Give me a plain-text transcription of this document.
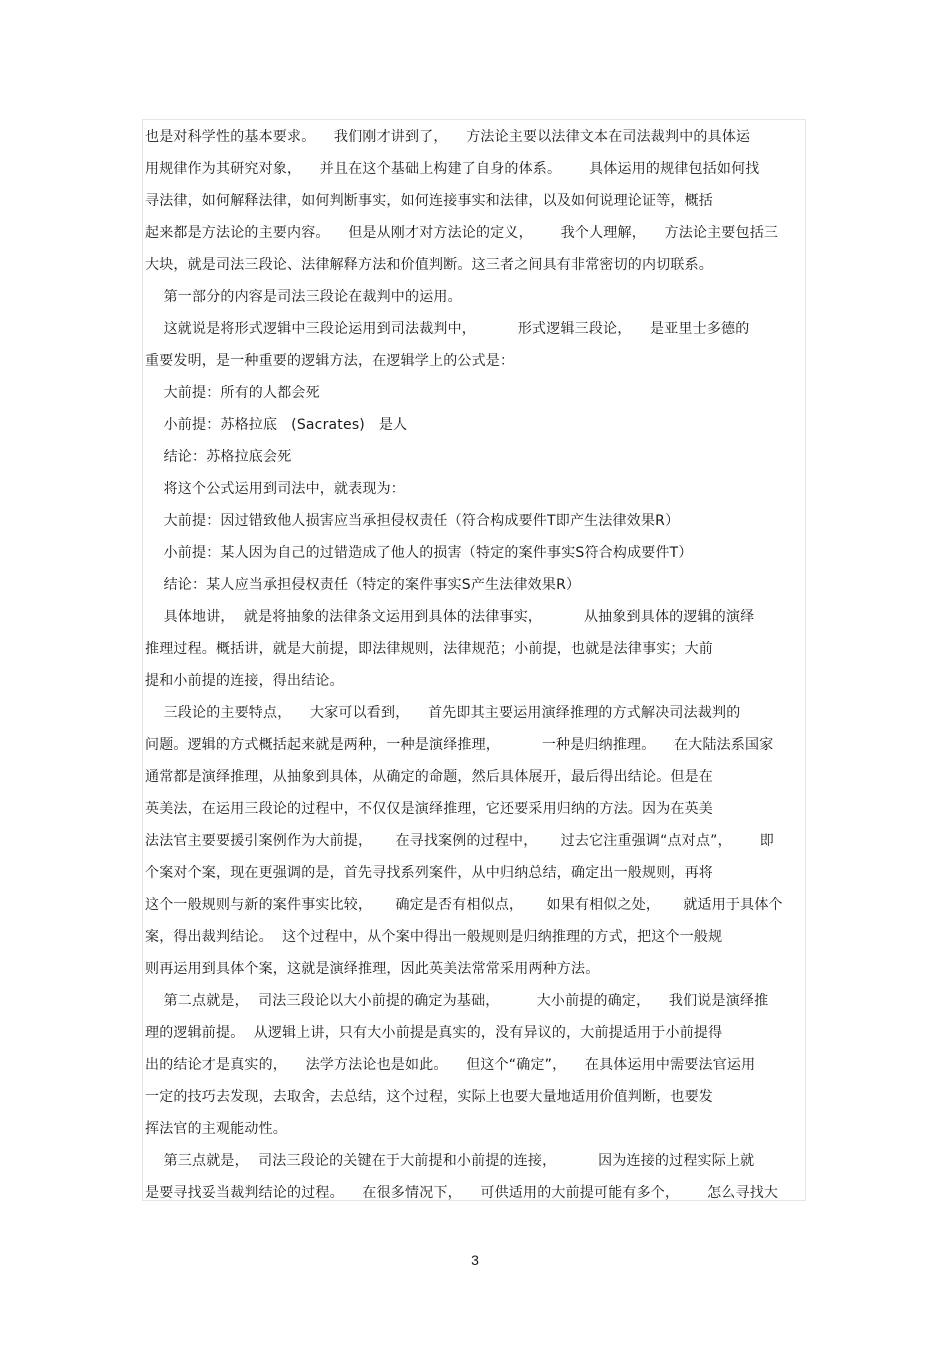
也是对科学性的基本要求。    我们刚才讲到了，    方法论主要以法律文本在司法裁判中的具体运
用规律作为其研究对象，    并且在这个基础上构建了自身的体系。      具体运用的规律包括如何找
寻法律，如何解释法律，如何判断事实，如何连接事实和法律，以及如何说理论证等，概括
起来都是方法论的主要内容。    但是从刚才对方法论的定义，      我个人理解，    方法论主要包括三
大块，就是司法三段论、法律解释方法和价值判断。这三者之间具有非常密切的内切联系。
第一部分的内容是司法三段论在裁判中的运用。
这就说是将形式逻辑中三段论运用到司法裁判中，         形式逻辑三段论，    是亚里士多德的
重要发明，是一种重要的逻辑方法，在逻辑学上的公式是：
大前提：所有的人都会死
小前提：苏格拉底   (Sacrates)   是人
结论：苏格拉底会死
将这个公式运用到司法中，就表现为：
大前提：因过错致他人损害应当承担侵权责任（符合构成要件T即产生法律效果R）
小前提：某人因为自己的过错造成了他人的损害（特定的案件事实S符合构成要件T）
结论：某人应当承担侵权责任（特定的案件事实S产生法律效果R）
具体地讲，  就是将抽象的法律条文运用到具体的法律事实，         从抽象到具体的逻辑的演绎
推理过程。概括讲，就是大前提，即法律规则，法律规范；小前提，也就是法律事实；大前
提和小前提的连接，得出结论。
三段论的主要特点，    大家可以看到，    首先即其主要运用演绎推理的方式解决司法裁判的
问题。逻辑的方式概括起来就是两种，一种是演绎推理，         一种是归纳推理。    在大陆法系国家
通常都是演绎推理，从抽象到具体，从确定的命题，然后具体展开，最后得出结论。但是在
英美法，在运用三段论的过程中，不仅仅是演绎推理，它还要采用归纳的方法。因为在英美
法法官主要要援引案例作为大前提，     在寻找案例的过程中，     过去它注重强调“点对点”，      即
个案对个案，现在更强调的是，首先寻找系列案件，从中归纳总结，确定出一般规则，再将
这个一般规则与新的案件事实比较，     确定是否有相似点，     如果有相似之处，     就适用于具体个
案，得出裁判结论。  这个过程中，从个案中得出一般规则是归纳推理的方式，把这个一般规
则再运用到具体个案，这就是演绎推理，因此英美法常常采用两种方法。
第二点就是，  司法三段论以大小前提的确定为基础，        大小前提的确定，    我们说是演绎推
理的逻辑前提。  从逻辑上讲，只有大小前提是真实的，没有异议的，大前提适用于小前提得
出的结论才是真实的，    法学方法论也是如此。    但这个“确定”，    在具体运用中需要法官运用
一定的技巧去发现，去取舍，去总结，这个过程，实际上也要大量地适用价值判断，也要发
挥法官的主观能动性。
第三点就是，  司法三段论的关键在于大前提和小前提的连接，         因为连接的过程实际上就
是要寻找妥当裁判结论的过程。    在很多情况下，    可供适用的大前提可能有多个，      怎么寻找大
3
